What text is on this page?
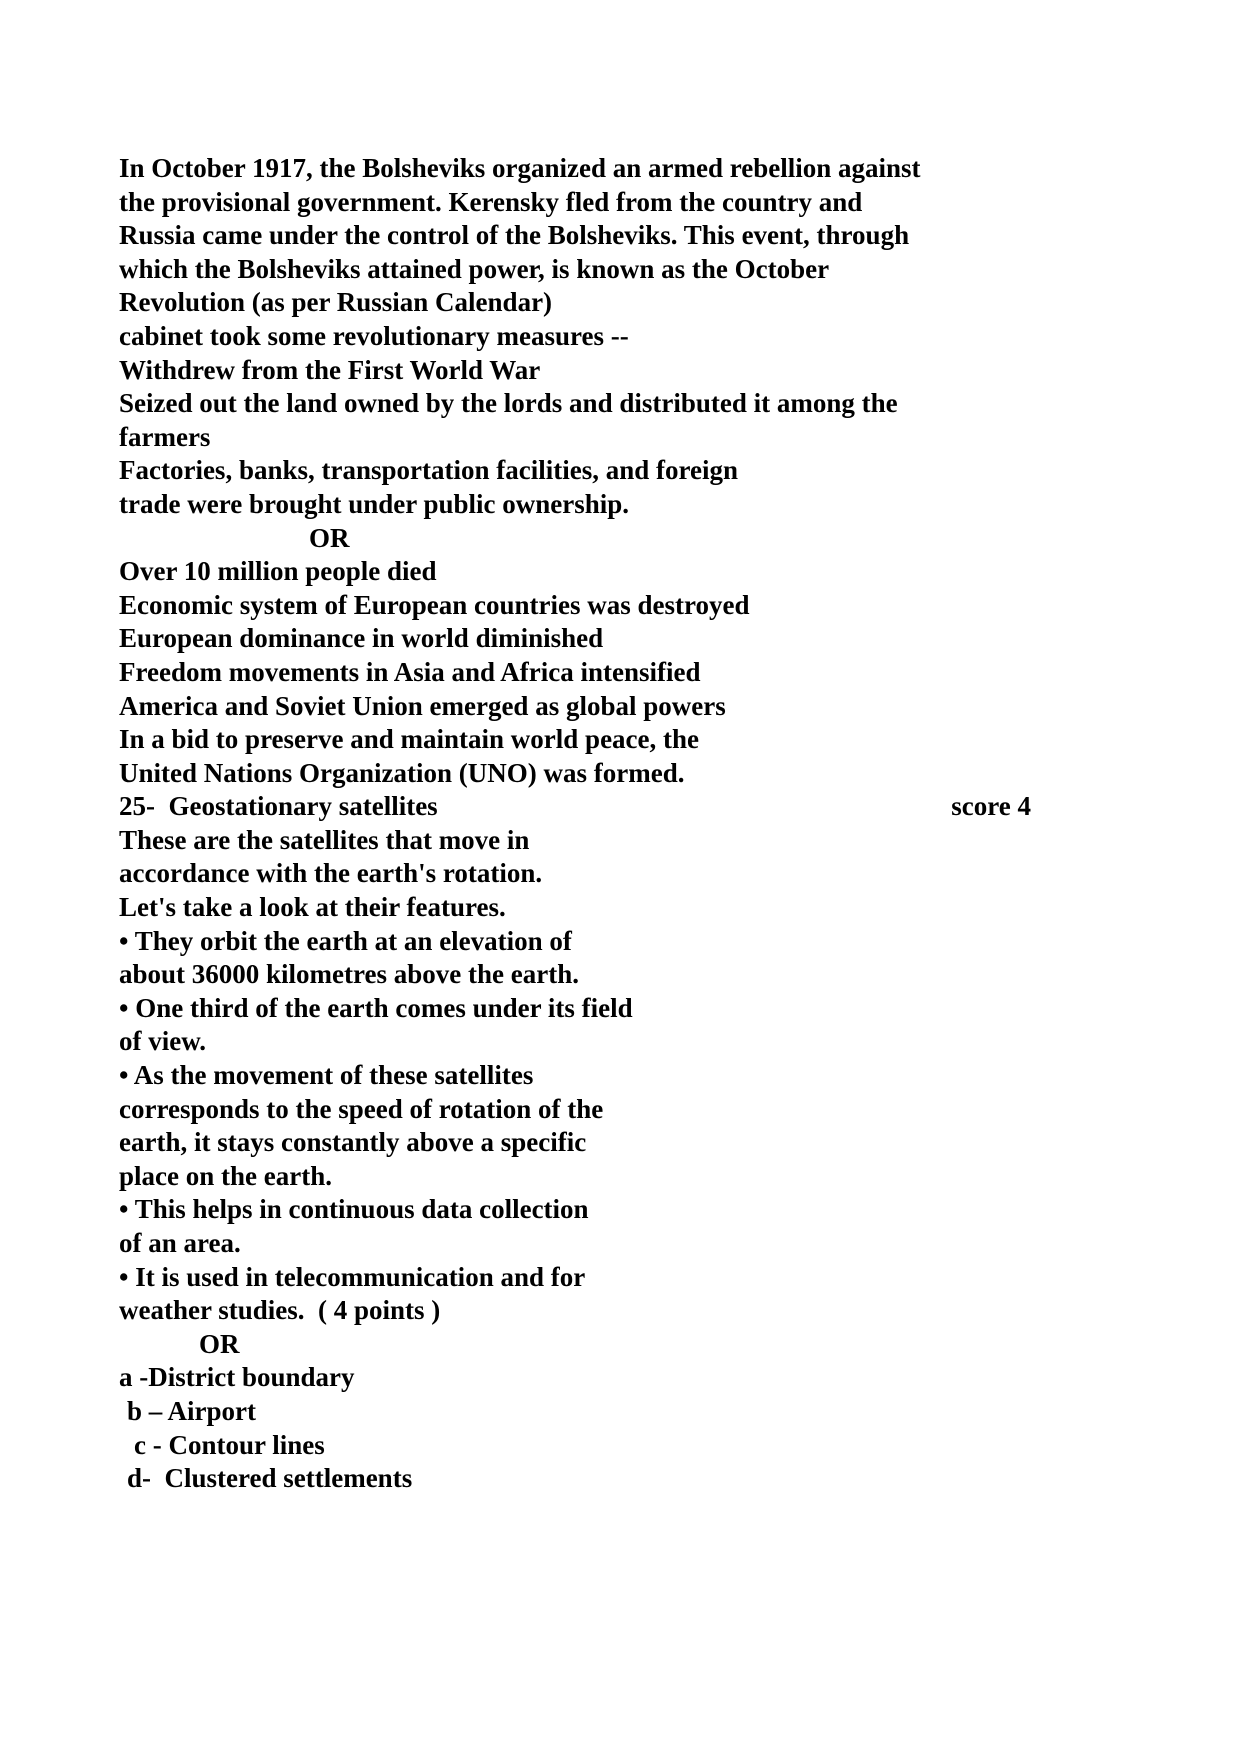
In October 1917, the Bolsheviks organized an armed rebellion against
the provisional government. Kerensky fled from the country and
Russia came under the control of the Bolsheviks. This event, through
which the Bolsheviks attained power, is known as the October
Revolution (as per Russian Calendar)
cabinet took some revolutionary measures --
Withdrew from the First World War
Seized out the land owned by the lords and distributed it among the
farmers
Factories, banks, transportation facilities, and foreign
trade were brought under public ownership.
OR
Over 10 million people died
Economic system of European countries was destroyed
European dominance in world diminished
Freedom movements in Asia and Africa intensified
America and Soviet Union emerged as global powers
In a bid to preserve and maintain world peace, the
United Nations Organization (UNO) was formed.
25-  Geostationary satellites	score 4
These are the satellites that move in
accordance with the earth's rotation.
Let's take a look at their features.
• They orbit the earth at an elevation of
about 36000 kilometres above the earth.
• One third of the earth comes under its field
of view.
• As the movement of these satellites
corresponds to the speed of rotation of the
earth, it stays constantly above a specific
place on the earth.
• This helps in continuous data collection
of an area.
• It is used in telecommunication and for
weather studies.  ( 4 points )
OR
a -District boundary
b – Airport
c - Contour lines
d-  Clustered settlements
